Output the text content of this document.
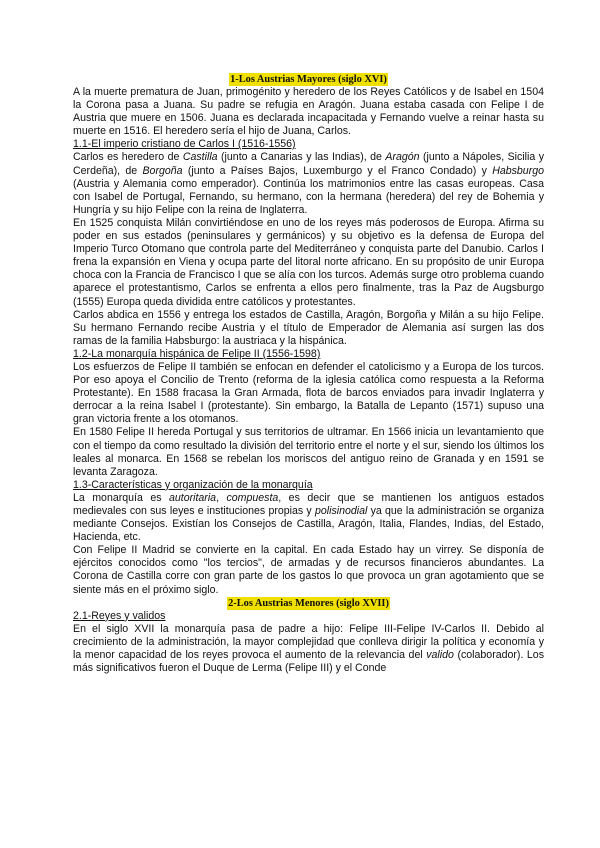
1-Los Austrias Mayores (siglo XVI)

A la muerte prematura de Juan, primogénito y heredero de los Reyes Católicos y de Isabel en 1504 la Corona pasa a Juana. Su padre se refugia en Aragón. Juana estaba casada con Felipe I de Austria que muere en 1506. Juana es declarada incapacitada y Fernando vuelve a reinar hasta su muerte en 1516. El heredero sería el hijo de Juana, Carlos.

1.1-El imperio cristiano de Carlos I (1516-1556)

Carlos es heredero de Castilla (junto a Canarias y las Indias), de Aragón (junto a Nápoles, Sicilia y Cerdeña), de Borgoña (junto a Países Bajos, Luxemburgo y el Franco Condado) y Habsburgo (Austria y Alemania como emperador). Continúa los matrimonios entre las casas europeas. Casa con Isabel de Portugal, Fernando, su hermano, con la hermana (heredera) del rey de Bohemia y Hungría y su hijo Felipe con la reina de Inglaterra.

En 1525 conquista Milán convirtiéndose en uno de los reyes más poderosos de Europa. Afirma su poder en sus estados (peninsulares y germánicos) y su objetivo es la defensa de Europa del Imperio Turco Otomano que controla parte del Mediterráneo y conquista parte del Danubio. Carlos I frena la expansión en Viena y ocupa parte del litoral norte africano. En su propósito de unir Europa choca con la Francia de Francisco I que se alía con los turcos. Además surge otro problema cuando aparece el protestantismo, Carlos se enfrenta a ellos pero finalmente, tras la Paz de Augsburgo (1555) Europa queda dividida entre católicos y protestantes.

Carlos abdica en 1556 y entrega los estados de Castilla, Aragón, Borgoña y Milán a su hijo Felipe. Su hermano Fernando recibe Austria y el título de Emperador de Alemania así surgen las dos ramas de la familia Habsburgo: la austriaca y la hispánica.

1.2-La monarquía hispánica de Felipe II (1556-1598)

Los esfuerzos de Felipe II también se enfocan en defender el catolicismo y a Europa de los turcos. Por eso apoya el Concilio de Trento (reforma de la iglesia católica como respuesta a la Reforma Protestante). En 1588 fracasa la Gran Armada, flota de barcos enviados para invadir Inglaterra y derrocar a la reina Isabel I (protestante). Sin embargo, la Batalla de Lepanto (1571) supuso una gran victoria frente a los otomanos.

En 1580 Felipe II hereda Portugal y sus territorios de ultramar. En 1566 inicia un levantamiento que con el tiempo da como resultado la división del territorio entre el norte y el sur, siendo los últimos los leales al monarca. En 1568 se rebelan los moriscos del antiguo reino de Granada y en 1591 se levanta Zaragoza.

1.3-Características y organización de la monarquía

La monarquía es autoritaria, compuesta, es decir que se mantienen los antiguos estados medievales con sus leyes e instituciones propias y polisinodial ya que la administración se organiza mediante Consejos. Existían los Consejos de Castilla, Aragón, Italia, Flandes, Indias, del Estado, Hacienda, etc.

Con Felipe II Madrid se convierte en la capital. En cada Estado hay un virrey. Se disponía de ejércitos conocidos como "los tercios", de armadas y de recursos financieros abundantes. La Corona de Castilla corre con gran parte de los gastos lo que provoca un gran agotamiento que se siente más en el próximo siglo.

2-Los Austrias Menores (siglo XVII)
2.1-Reyes y validos

En el siglo XVII la monarquía pasa de padre a hijo: Felipe III-Felipe IV-Carlos II. Debido al crecimiento de la administración, la mayor complejidad que conlleva dirigir la política y economía y la menor capacidad de los reyes provoca el aumento de la relevancia del valido (colaborador). Los más significativos fueron el Duque de Lerma (Felipe III) y el Conde
